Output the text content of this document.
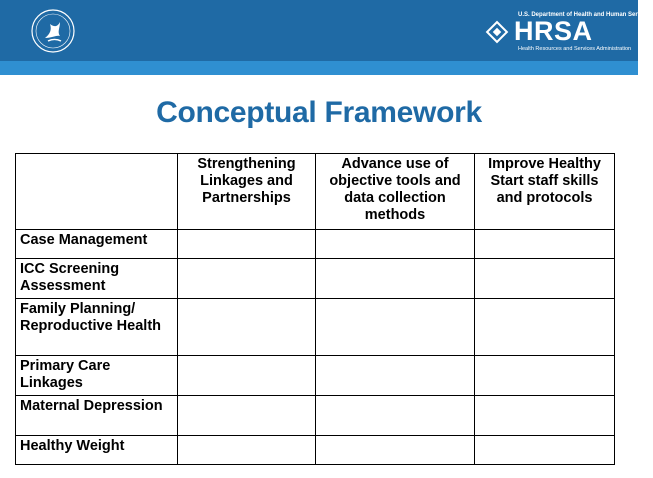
U.S. Department of Health and Human Services
HRSA
Health Resources and Services Administration
Conceptual Framework
	Strengthening Linkages and Partnerships	Advance use of objective tools and data collection methods	Improve Healthy Start staff skills and protocols
Case Management			
ICC Screening Assessment			
Family Planning/ Reproductive Health			
Primary Care Linkages			
Maternal Depression			
Healthy Weight			
